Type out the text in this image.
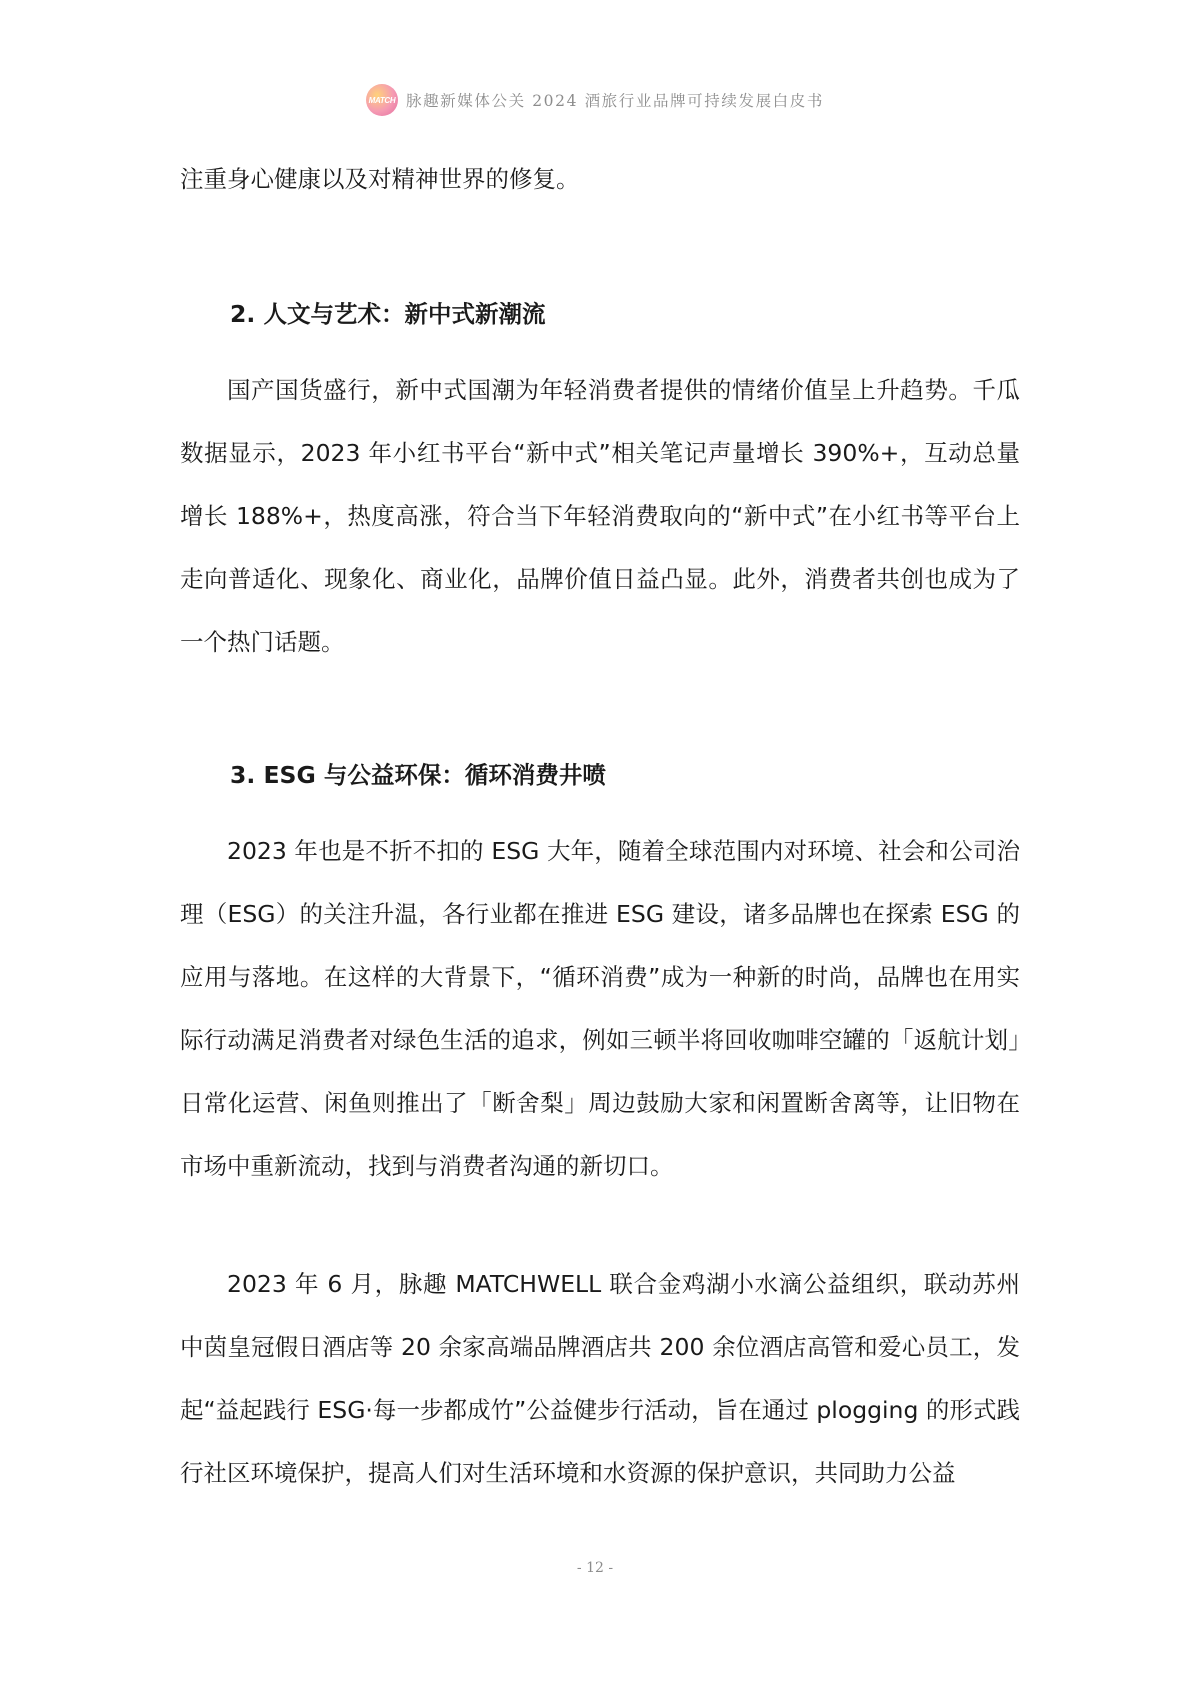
MATCH 脉趣新媒体公关 2024 酒旅行业品牌可持续发展白皮书

注重身心健康以及对精神世界的修复。

2. 人文与艺术：新中式新潮流

国产国货盛行，新中式国潮为年轻消费者提供的情绪价值呈上升趋势。千瓜数据显示，2023 年小红书平台“新中式”相关笔记声量增长 390%+，互动总量增长 188%+，热度高涨，符合当下年轻消费取向的“新中式”在小红书等平台上走向普适化、现象化、商业化，品牌价值日益凸显。此外，消费者共创也成为了一个热门话题。

3. ESG 与公益环保：循环消费井喷

2023 年也是不折不扣的 ESG 大年，随着全球范围内对环境、社会和公司治理（ESG）的关注升温，各行业都在推进 ESG 建设，诸多品牌也在探索 ESG 的应用与落地。在这样的大背景下，“循环消费”成为一种新的时尚，品牌也在用实际行动满足消费者对绿色生活的追求，例如三顿半将回收咖啡空罐的「返航计划」日常化运营、闲鱼则推出了「断舍梨」周边鼓励大家和闲置断舍离等，让旧物在市场中重新流动，找到与消费者沟通的新切口。

2023 年 6 月，脉趣 MATCHWELL 联合金鸡湖小水滴公益组织，联动苏州中茵皇冠假日酒店等 20 余家高端品牌酒店共 200 余位酒店高管和爱心员工，发起“益起践行 ESG·每一步都成竹”公益健步行活动，旨在通过 plogging 的形式践行社区环境保护，提高人们对生活环境和水资源的保护意识，共同助力公益

- 12 -
